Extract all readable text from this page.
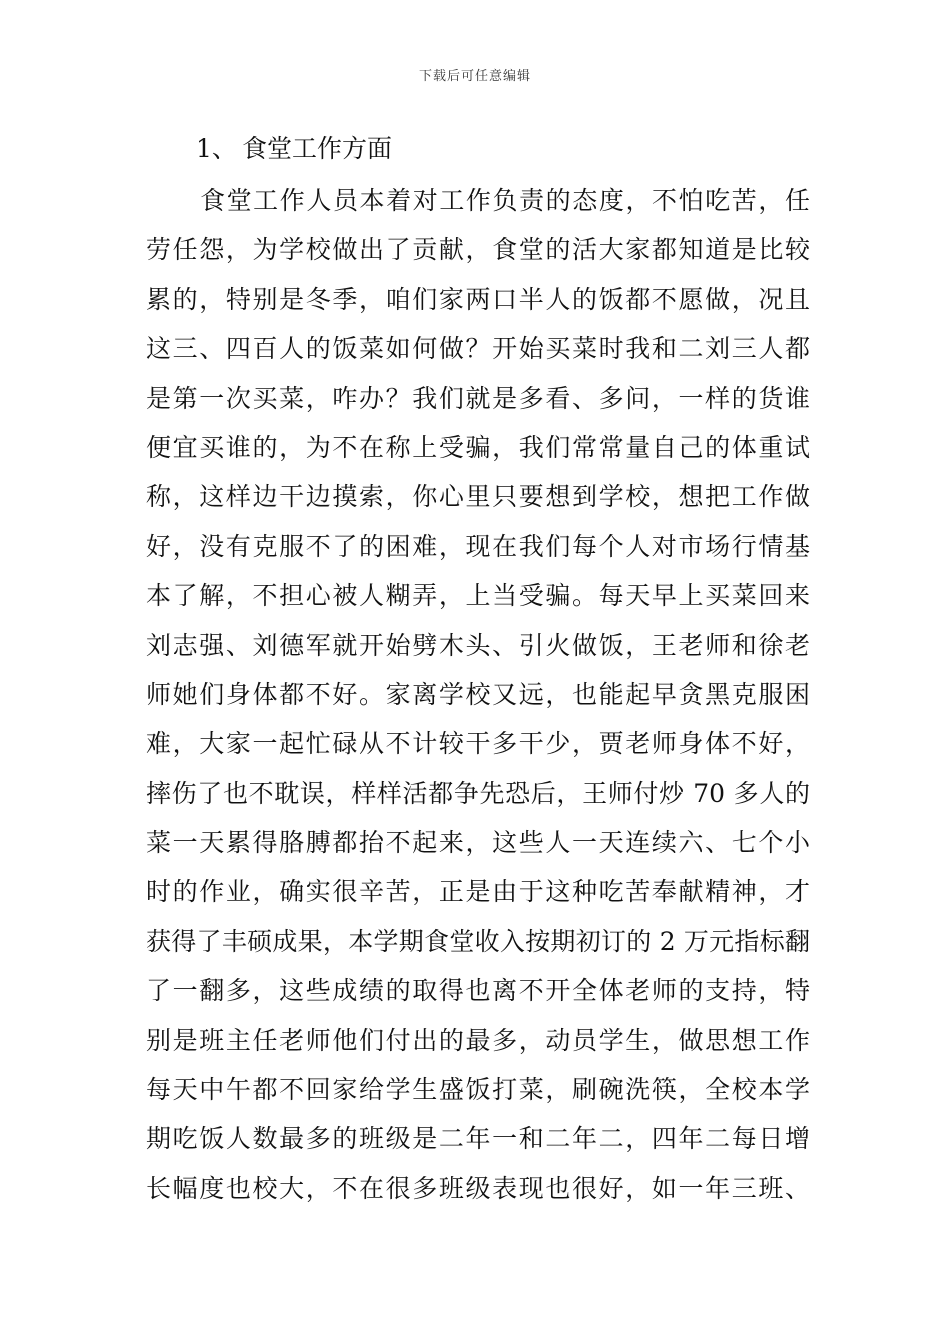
下载后可任意编辑
1、 食堂工作方面
食堂工作人员本着对工作负责的态度，不怕吃苦，任
劳任怨，为学校做出了贡献，食堂的活大家都知道是比较
累的，特别是冬季，咱们家两口半人的饭都不愿做，况且
这三、四百人的饭菜如何做？开始买菜时我和二刘三人都
是第一次买菜，咋办？我们就是多看、多问，一样的货谁
便宜买谁的，为不在称上受骗，我们常常量自己的体重试
称，这样边干边摸索，你心里只要想到学校，想把工作做
好，没有克服不了的困难，现在我们每个人对市场行情基
本了解，不担心被人糊弄，上当受骗。每天早上买菜回来
刘志强、刘德军就开始劈木头、引火做饭，王老师和徐老
师她们身体都不好。家离学校又远，也能起早贪黑克服困
难，大家一起忙碌从不计较干多干少，贾老师身体不好，
摔伤了也不耽误，样样活都争先恐后，王师付炒 70 多人的
菜一天累得胳膊都抬不起来，这些人一天连续六、七个小
时的作业，确实很辛苦，正是由于这种吃苦奉献精神，才
获得了丰硕成果，本学期食堂收入按期初订的 2 万元指标翻
了一翻多，这些成绩的取得也离不开全体老师的支持，特
别是班主任老师他们付出的最多，动员学生，做思想工作
每天中午都不回家给学生盛饭打菜，刷碗洗筷，全校本学
期吃饭人数最多的班级是二年一和二年二，四年二每日增
长幅度也校大，不在很多班级表现也很好，如一年三班、
